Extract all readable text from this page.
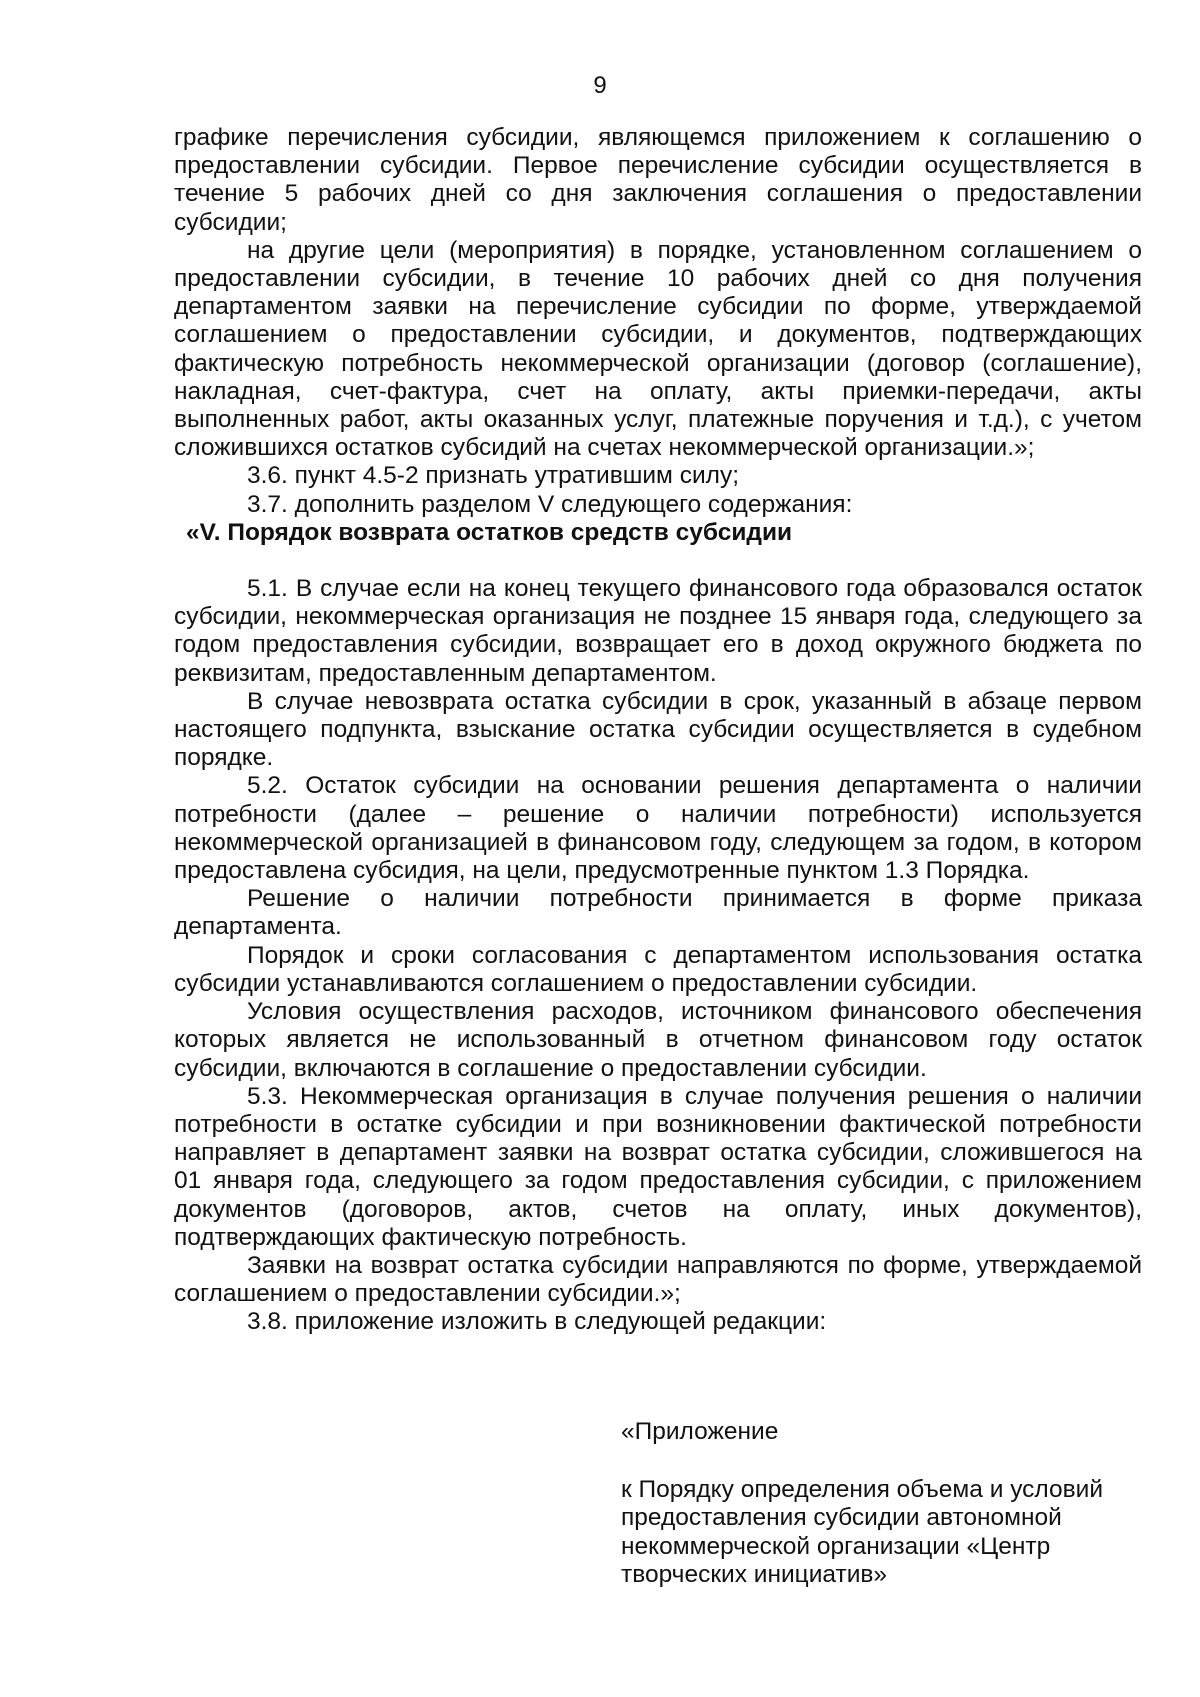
9

графике перечисления субсидии, являющемся приложением к соглашению о предоставлении субсидии. Первое перечисление субсидии осуществляется в течение 5 рабочих дней со дня заключения соглашения о предоставлении субсидии;

на другие цели (мероприятия) в порядке, установленном соглашением о предоставлении субсидии, в течение 10 рабочих дней со дня получения департаментом заявки на перечисление субсидии по форме, утверждаемой соглашением о предоставлении субсидии, и документов, подтверждающих фактическую потребность некоммерческой организации (договор (соглашение), накладная, счет-фактура, счет на оплату, акты приемки-передачи, акты выполненных работ, акты оказанных услуг, платежные поручения и т.д.), с учетом сложившихся остатков субсидий на счетах некоммерческой организации.»;

3.6. пункт 4.5-2 признать утратившим силу;

3.7. дополнить разделом V следующего содержания:

«V. Порядок возврата остатков средств субсидии

5.1. В случае если на конец текущего финансового года образовался остаток субсидии, некоммерческая организация не позднее 15 января года, следующего за годом предоставления субсидии, возвращает его в доход окружного бюджета по реквизитам, предоставленным департаментом.

В случае невозврата остатка субсидии в срок, указанный в абзаце первом настоящего подпункта, взыскание остатка субсидии осуществляется в судебном порядке.

5.2. Остаток субсидии на основании решения департамента о наличии потребности (далее – решение о наличии потребности) используется некоммерческой организацией в финансовом году, следующем за годом, в котором предоставлена субсидия, на цели, предусмотренные пунктом 1.3 Порядка.

Решение о наличии потребности принимается в форме приказа департамента.

Порядок и сроки согласования с департаментом использования остатка субсидии устанавливаются соглашением о предоставлении субсидии.

Условия осуществления расходов, источником финансового обеспечения которых является не использованный в отчетном финансовом году остаток субсидии, включаются в соглашение о предоставлении субсидии.

5.3. Некоммерческая организация в случае получения решения о наличии потребности в остатке субсидии и при возникновении фактической потребности направляет в департамент заявки на возврат остатка субсидии, сложившегося на 01 января года, следующего за годом предоставления субсидии, с приложением документов (договоров, актов, счетов на оплату, иных документов), подтверждающих фактическую потребность.

Заявки на возврат остатка субсидии направляются по форме, утверждаемой соглашением о предоставлении субсидии.»;

3.8. приложение изложить в следующей редакции:

«Приложение

к Порядку определения объема и условий предоставления субсидии автономной некоммерческой организации «Центр творческих инициатив»
